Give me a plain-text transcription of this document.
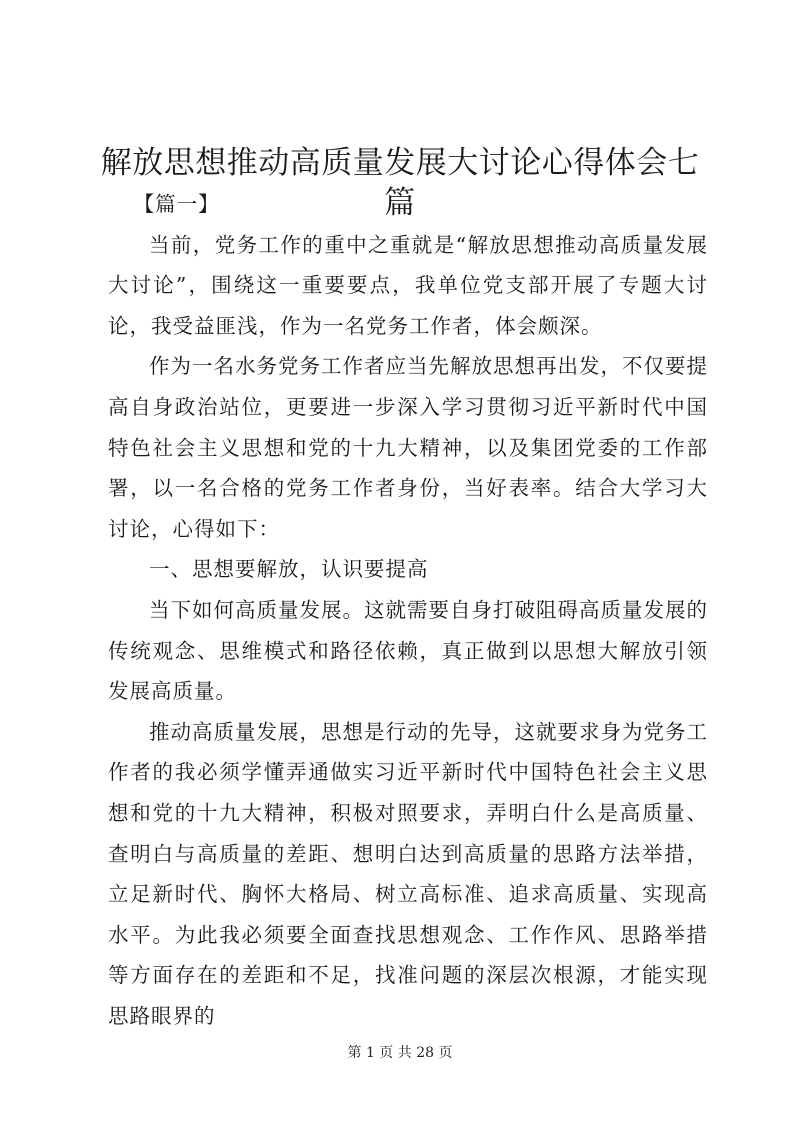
解放思想推动高质量发展大讨论心得体会七篇

【篇一】

当前，党务工作的重中之重就是“解放思想推动高质量发展大讨论”，围绕这一重要要点，我单位党支部开展了专题大讨论，我受益匪浅，作为一名党务工作者，体会颇深。

作为一名水务党务工作者应当先解放思想再出发，不仅要提高自身政治站位，更要进一步深入学习贯彻习近平新时代中国特色社会主义思想和党的十九大精神，以及集团党委的工作部署，以一名合格的党务工作者身份，当好表率。结合大学习大讨论，心得如下：

一、思想要解放，认识要提高

当下如何高质量发展。这就需要自身打破阻碍高质量发展的传统观念、思维模式和路径依赖，真正做到以思想大解放引领发展高质量。

推动高质量发展，思想是行动的先导，这就要求身为党务工作者的我必须学懂弄通做实习近平新时代中国特色社会主义思想和党的十九大精神，积极对照要求，弄明白什么是高质量、查明白与高质量的差距、想明白达到高质量的思路方法举措，立足新时代、胸怀大格局、树立高标准、追求高质量、实现高水平。为此我必须要全面查找思想观念、工作作风、思路举措等方面存在的差距和不足，找准问题的深层次根源，才能实现思路眼界的

第 1 页 共 28 页
